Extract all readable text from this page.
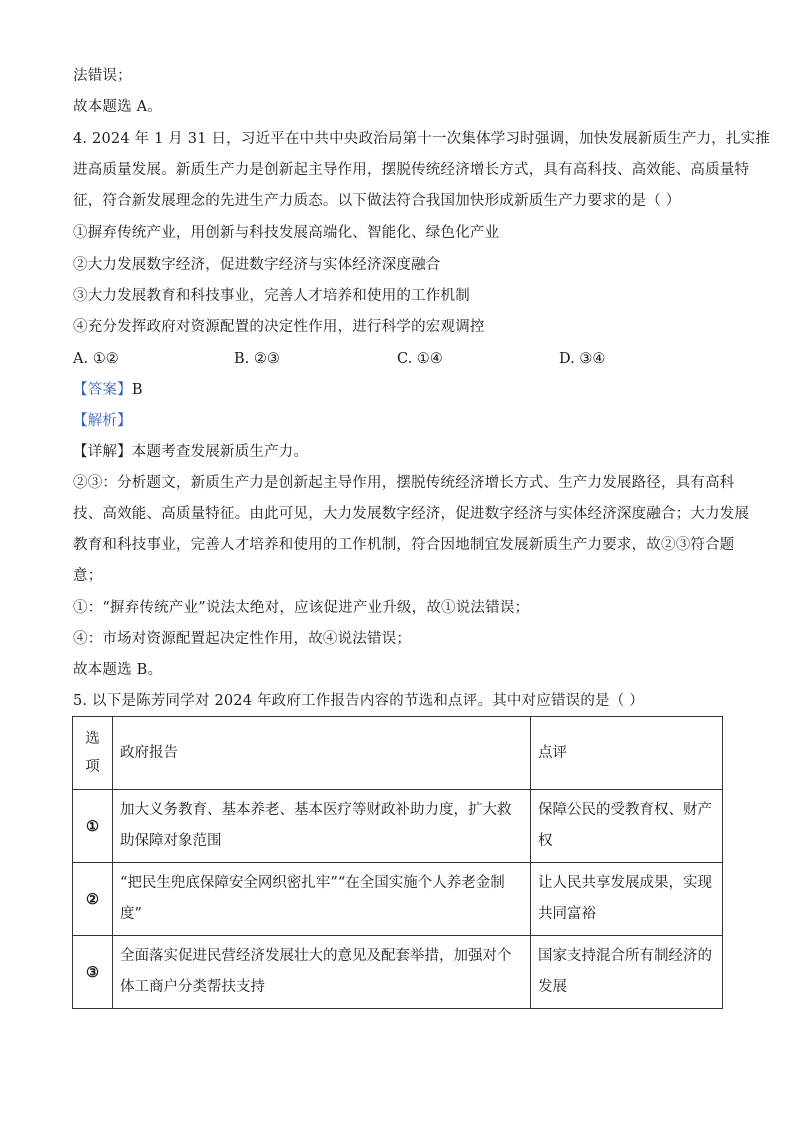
法错误；
故本题选 A。
4. 2024 年 1 月 31 日，习近平在中共中央政治局第十一次集体学习时强调，加快发展新质生产力，扎实推
进高质量发展。新质生产力是创新起主导作用，摆脱传统经济增长方式，具有高科技、高效能、高质量特
征，符合新发展理念的先进生产力质态。以下做法符合我国加快形成新质生产力要求的是（ ）
①摒弃传统产业，用创新与科技发展高端化、智能化、绿色化产业
②大力发展数字经济，促进数字经济与实体经济深度融合
③大力发展教育和科技事业，完善人才培养和使用的工作机制
④充分发挥政府对资源配置的决定性作用，进行科学的宏观调控
A. ①②	B. ②③	C. ①④	D. ③④
【答案】B
【解析】
【详解】本题考查发展新质生产力。
②③：分析题文，新质生产力是创新起主导作用，摆脱传统经济增长方式、生产力发展路径，具有高科
技、高效能、高质量特征。由此可见，大力发展数字经济，促进数字经济与实体经济深度融合；大力发展
教育和科技事业，完善人才培养和使用的工作机制，符合因地制宜发展新质生产力要求，故②③符合题
意；
①：“摒弃传统产业”说法太绝对，应该促进产业升级，故①说法错误；
④：市场对资源配置起决定性作用，故④说法错误；
故本题选 B。
5. 以下是陈芳同学对 2024 年政府工作报告内容的节选和点评。其中对应错误的是（ ）
选项	政府报告	点评
①	加大义务教育、基本养老、基本医疗等财政补助力度，扩大救助保障对象范围	保障公民的受教育权、财产权
②	“把民生兜底保障安全网织密扎牢”“在全国实施个人养老金制度”	让人民共享发展成果，实现共同富裕
③	全面落实促进民营经济发展壮大的意见及配套举措，加强对个体工商户分类帮扶支持	国家支持混合所有制经济的发展
